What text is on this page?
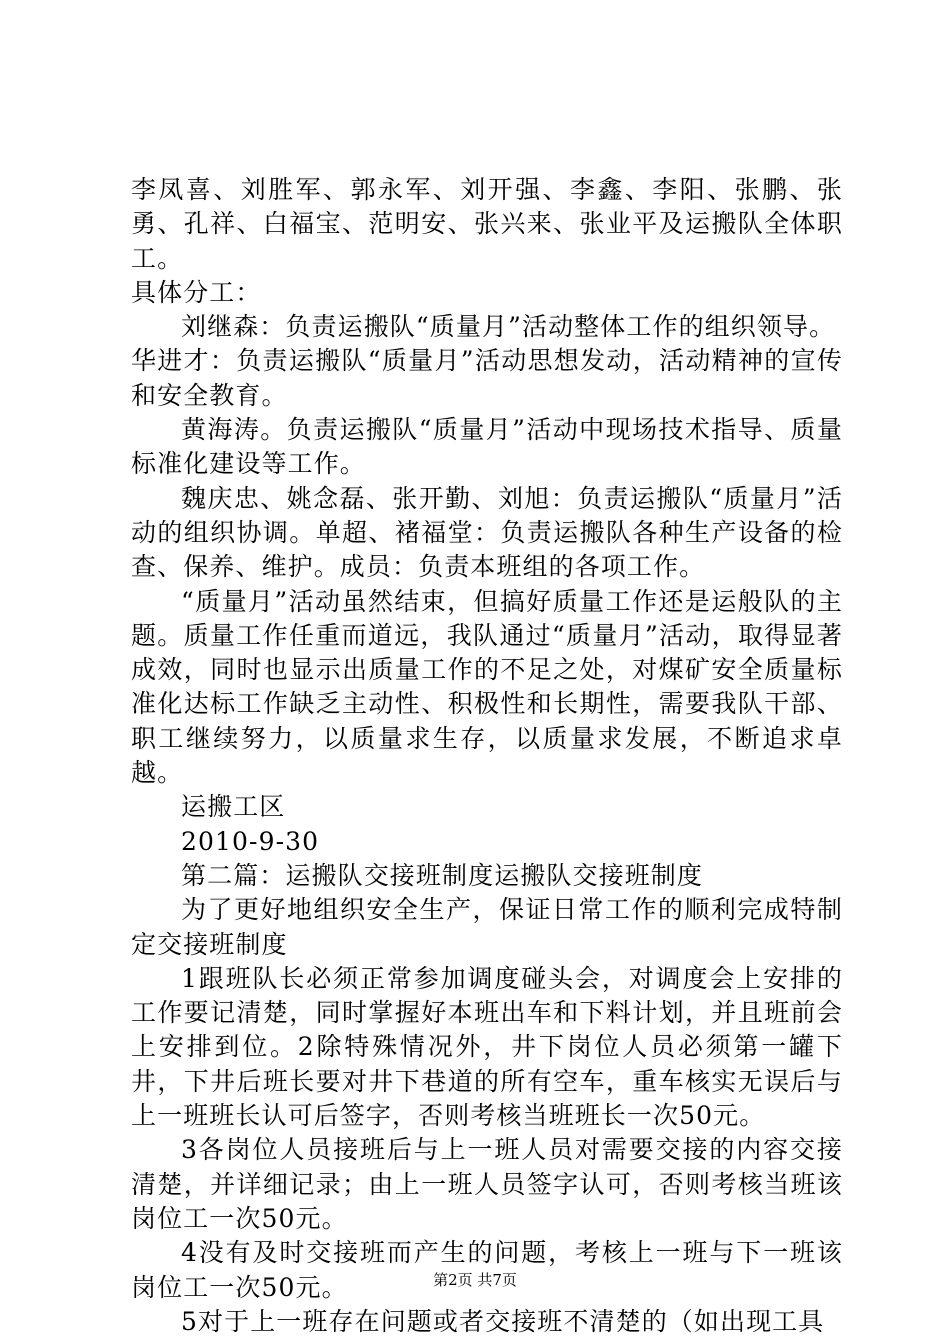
李凤喜、刘胜军、郭永军、刘开强、李鑫、李阳、张鹏、张勇、孔祥、白福宝、范明安、张兴来、张业平及运搬队全体职工。

具体分工：

刘继森：负责运搬队“质量月”活动整体工作的组织领导。

华进才：负责运搬队“质量月”活动思想发动，活动精神的宣传和安全教育。

黄海涛。负责运搬队“质量月”活动中现场技术指导、质量标准化建设等工作。

魏庆忠、姚念磊、张开勤、刘旭：负责运搬队“质量月”活动的组织协调。单超、褚福堂：负责运搬队各种生产设备的检查、保养、维护。成员：负责本班组的各项工作。

“质量月”活动虽然结束，但搞好质量工作还是运般队的主题。质量工作任重而道远，我队通过“质量月”活动，取得显著成效，同时也显示出质量工作的不足之处，对煤矿安全质量标准化达标工作缺乏主动性、积极性和长期性，需要我队干部、职工继续努力，以质量求生存，以质量求发展，不断追求卓越。

运搬工区

2010-9-30

第二篇：运搬队交接班制度运搬队交接班制度

为了更好地组织安全生产，保证日常工作的顺利完成特制定交接班制度

1跟班队长必须正常参加调度碰头会，对调度会上安排的工作要记清楚，同时掌握好本班出车和下料计划，并且班前会上安排到位。2除特殊情况外，井下岗位人员必须第一罐下井，下井后班长要对井下巷道的所有空车，重车核实无误后与上一班班长认可后签字，否则考核当班班长一次50元。

3各岗位人员接班后与上一班人员对需要交接的内容交接清楚，并详细记录；由上一班人员签字认可，否则考核当班该岗位工一次50元。

4没有及时交接班而产生的问题，考核上一班与下一班该岗位工一次50元。

5对于上一班存在问题或者交接班不清楚的（如出现工具

第2页 共7页
